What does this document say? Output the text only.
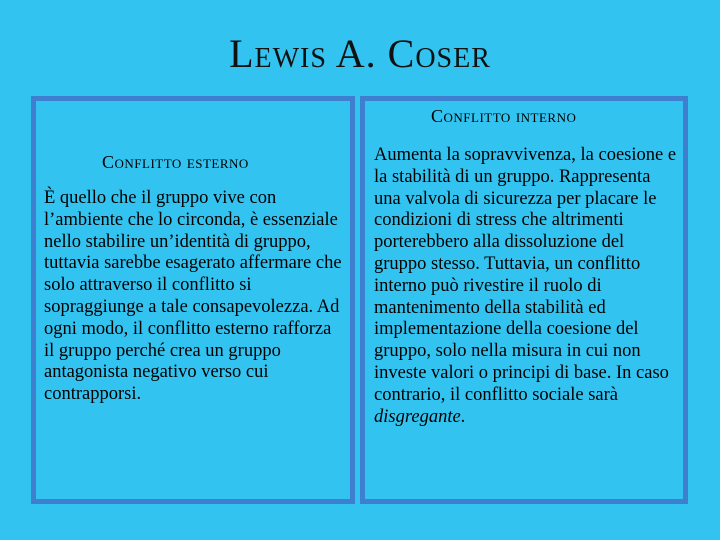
Lewis A. Coser
Conflitto esterno

È quello che il gruppo vive con l’ambiente che lo circonda, è essenziale nello stabilire un’identità di gruppo, tuttavia sarebbe esagerato affermare che solo attraverso il conflitto si sopraggiunge a tale consapevolezza. Ad ogni modo, il conflitto esterno rafforza il gruppo perché crea un gruppo antagonista negativo verso cui contrapporsi.

Conflitto interno

Aumenta la sopravvivenza, la coesione e la stabilità di un gruppo. Rappresenta una valvola di sicurezza per placare le condizioni di stress che altrimenti porterebbero alla dissoluzione del gruppo stesso. Tuttavia, un conflitto interno può rivestire il ruolo di mantenimento della stabilità ed implementazione della coesione del gruppo, solo nella misura in cui non investe valori o principi di base. In caso contrario, il conflitto sociale sarà disgregante.
